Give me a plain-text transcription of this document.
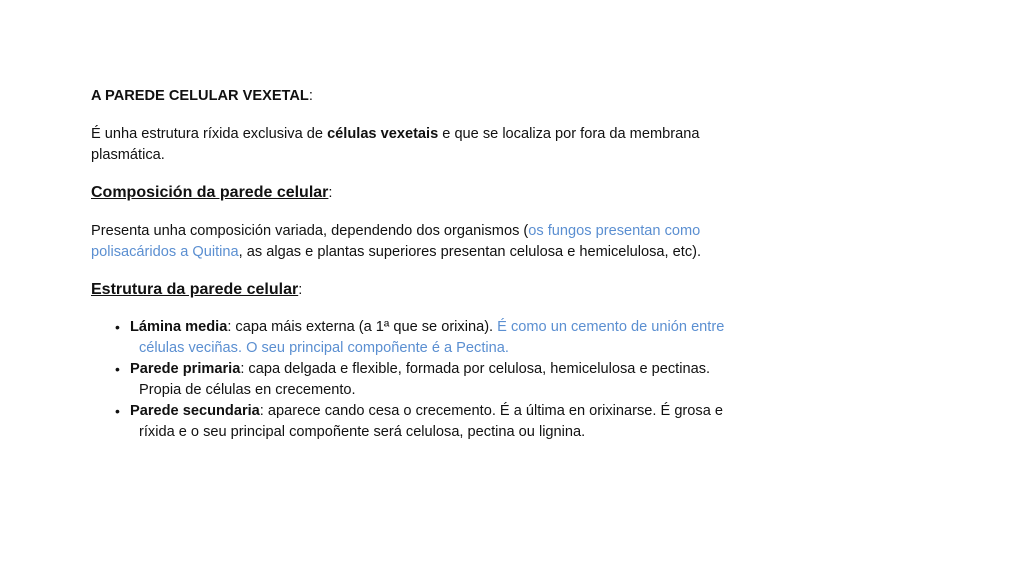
A PAREDE CELULAR VEXETAL:

É unha estrutura ríxida exclusiva de células vexetais e que se localiza por fora da membrana
plasmática.

Composición da parede celular:

Presenta unha composición variada, dependendo dos organismos (os fungos presentan como
polisacáridos a Quitina, as algas e plantas superiores presentan celulosa e hemicelulosa, etc).

Estrutura da parede celular:

• Lámina media: capa máis externa (a 1ª que se orixina). É como un cemento de unión entre
células veciñas. O seu principal compoñente é a Pectina.
• Parede primaria: capa delgada e flexible, formada por celulosa, hemicelulosa e pectinas.
Propia de células en crecemento.
• Parede secundaria: aparece cando cesa o crecemento. É a última en orixinarse. É grosa e
ríxida e o seu principal compoñente será celulosa, pectina ou lignina.
